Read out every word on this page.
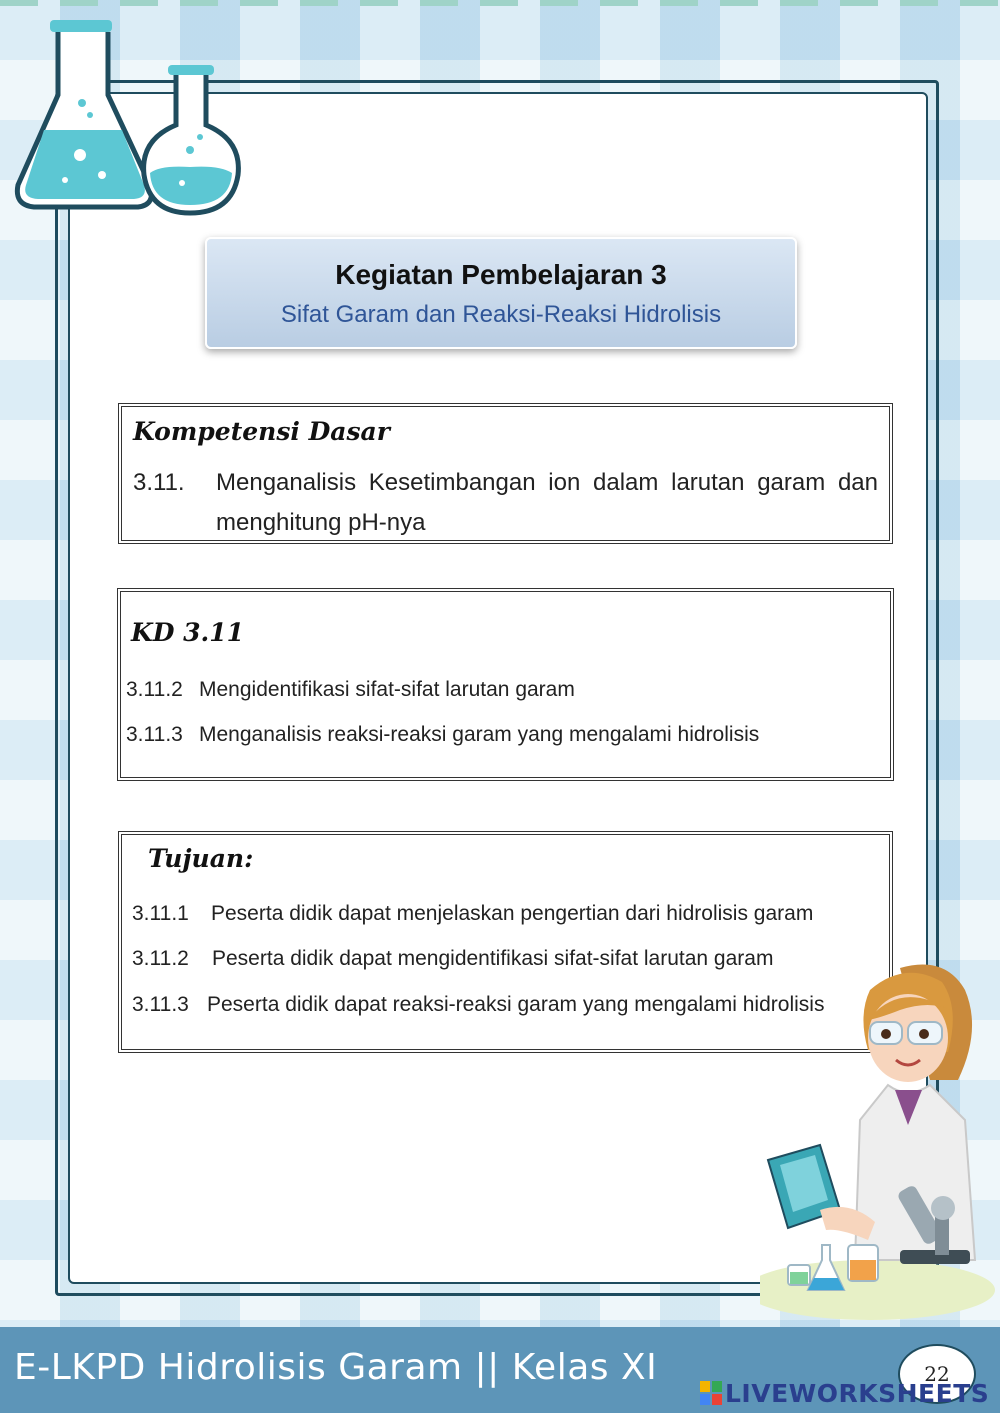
Kegiatan Pembelajaran 3
Sifat Garam dan Reaksi-Reaksi Hidrolisis
Kompetensi Dasar
3.11. Menganalisis Kesetimbangan ion dalam larutan garam dan menghitung pH-nya
KD 3.11
3.11.2 Mengidentifikasi sifat-sifat larutan garam
3.11.3 Menganalisis reaksi-reaksi garam yang mengalami hidrolisis
Tujuan:
3.11.1 Peserta didik dapat menjelaskan pengertian dari hidrolisis garam
3.11.2 Peserta didik dapat mengidentifikasi sifat-sifat larutan garam
3.11.3 Peserta didik dapat reaksi-reaksi garam yang mengalami hidrolisis
E-LKPD Hidrolisis Garam || Kelas XI	22
LIVEWORKSHEETS
